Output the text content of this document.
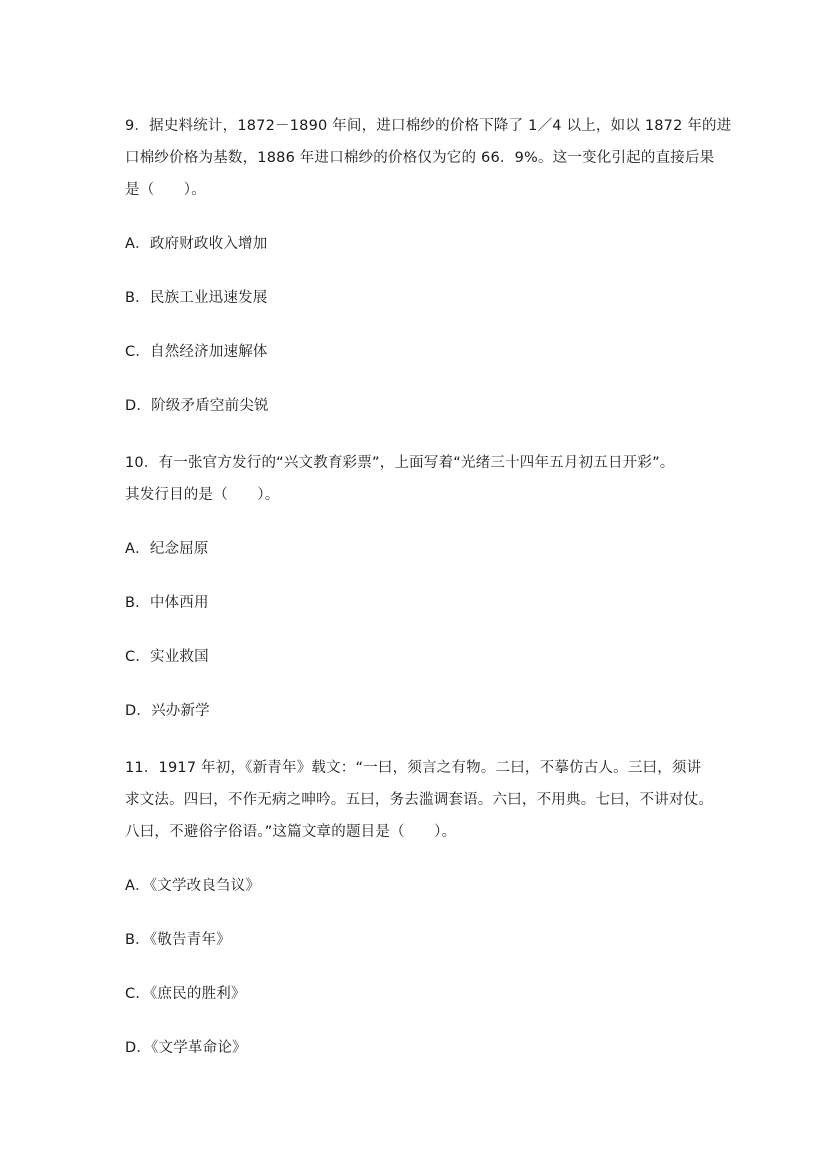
9．据史料统计，1872－1890 年间，进口棉纱的价格下降了 1／4 以上，如以 1872 年的进
口棉纱价格为基数，1886 年进口棉纱的价格仅为它的 66．9%。这一变化引起的直接后果
是（　　）。
A．政府财政收入增加
B．民族工业迅速发展
C．自然经济加速解体
D．阶级矛盾空前尖锐
10．有一张官方发行的“兴文教育彩票”，上面写着“光绪三十四年五月初五日开彩”。
其发行目的是（　　）。
A．纪念屈原
B．中体西用
C．实业救国
D．兴办新学
11．1917 年初，《新青年》载文：“一曰，须言之有物。二曰，不摹仿古人。三曰，须讲
求文法。四曰，不作无病之呻吟。五曰，务去滥调套语。六曰，不用典。七曰，不讲对仗。
八曰，不避俗字俗语。”这篇文章的题目是（　　）。
A．《文学改良刍议》
B．《敬告青年》
C．《庶民的胜利》
D．《文学革命论》
